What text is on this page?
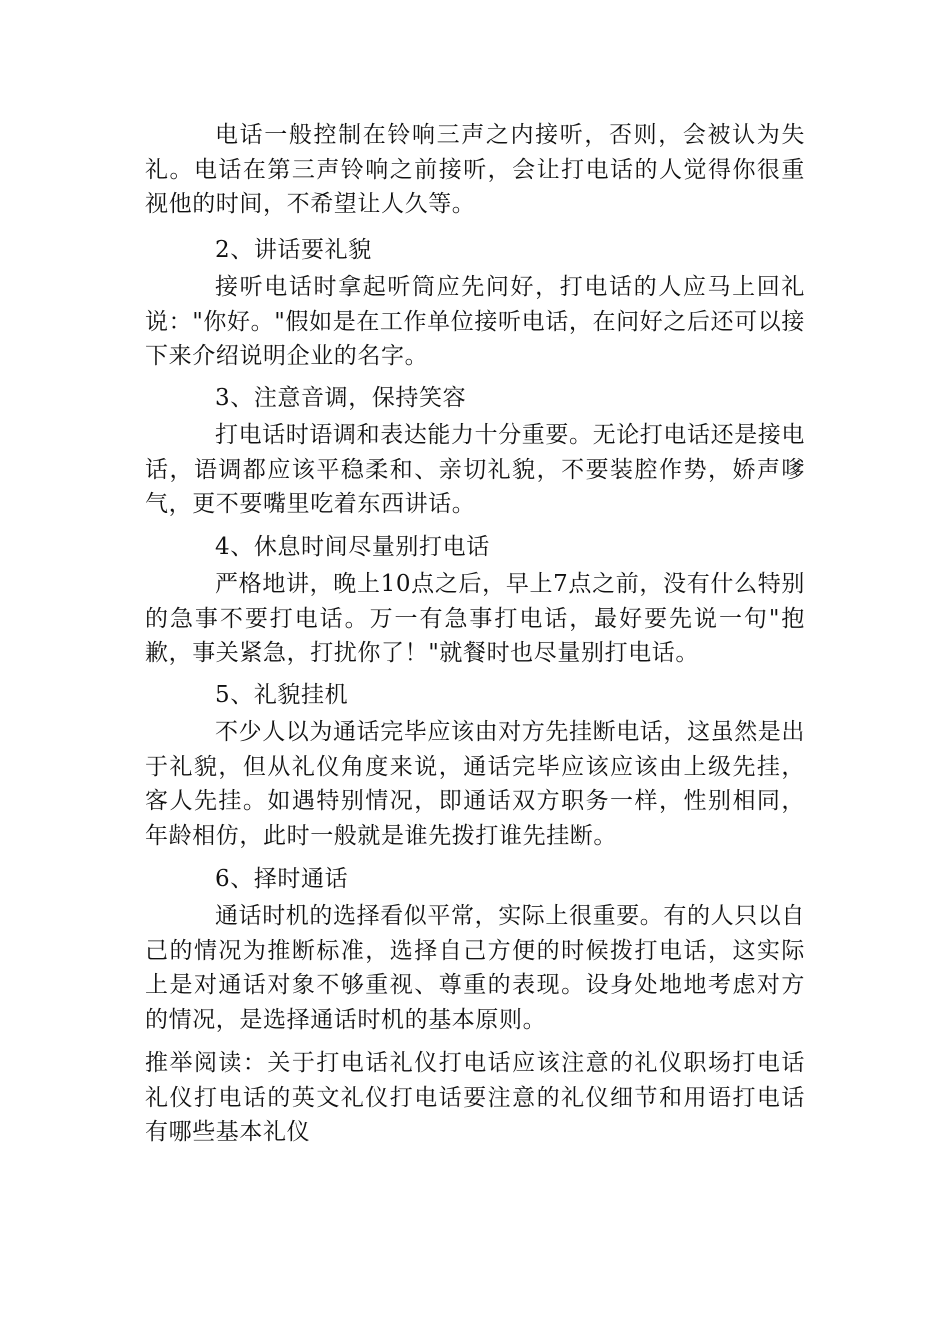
电话一般控制在铃响三声之内接听，否则，会被认为失礼。电话在第三声铃响之前接听，会让打电话的人觉得你很重视他的时间，不希望让人久等。

2、讲话要礼貌

接听电话时拿起听筒应先问好，打电话的人应马上回礼说："你好。"假如是在工作单位接听电话，在问好之后还可以接下来介绍说明企业的名字。

3、注意音调，保持笑容

打电话时语调和表达能力十分重要。无论打电话还是接电话，语调都应该平稳柔和、亲切礼貌，不要装腔作势，娇声嗲气，更不要嘴里吃着东西讲话。

4、休息时间尽量别打电话

严格地讲，晚上10点之后，早上7点之前，没有什么特别的急事不要打电话。万一有急事打电话，最好要先说一句"抱歉，事关紧急，打扰你了！"就餐时也尽量别打电话。

5、礼貌挂机

不少人以为通话完毕应该由对方先挂断电话，这虽然是出于礼貌，但从礼仪角度来说，通话完毕应该应该由上级先挂，客人先挂。如遇特别情况，即通话双方职务一样，性别相同，年龄相仿，此时一般就是谁先拨打谁先挂断。

6、择时通话

通话时机的选择看似平常，实际上很重要。有的人只以自己的情况为推断标准，选择自己方便的时候拨打电话，这实际上是对通话对象不够重视、尊重的表现。设身处地地考虑对方的情况，是选择通话时机的基本原则。

推举阅读：关于打电话礼仪打电话应该注意的礼仪职场打电话礼仪打电话的英文礼仪打电话要注意的礼仪细节和用语打电话有哪些基本礼仪
